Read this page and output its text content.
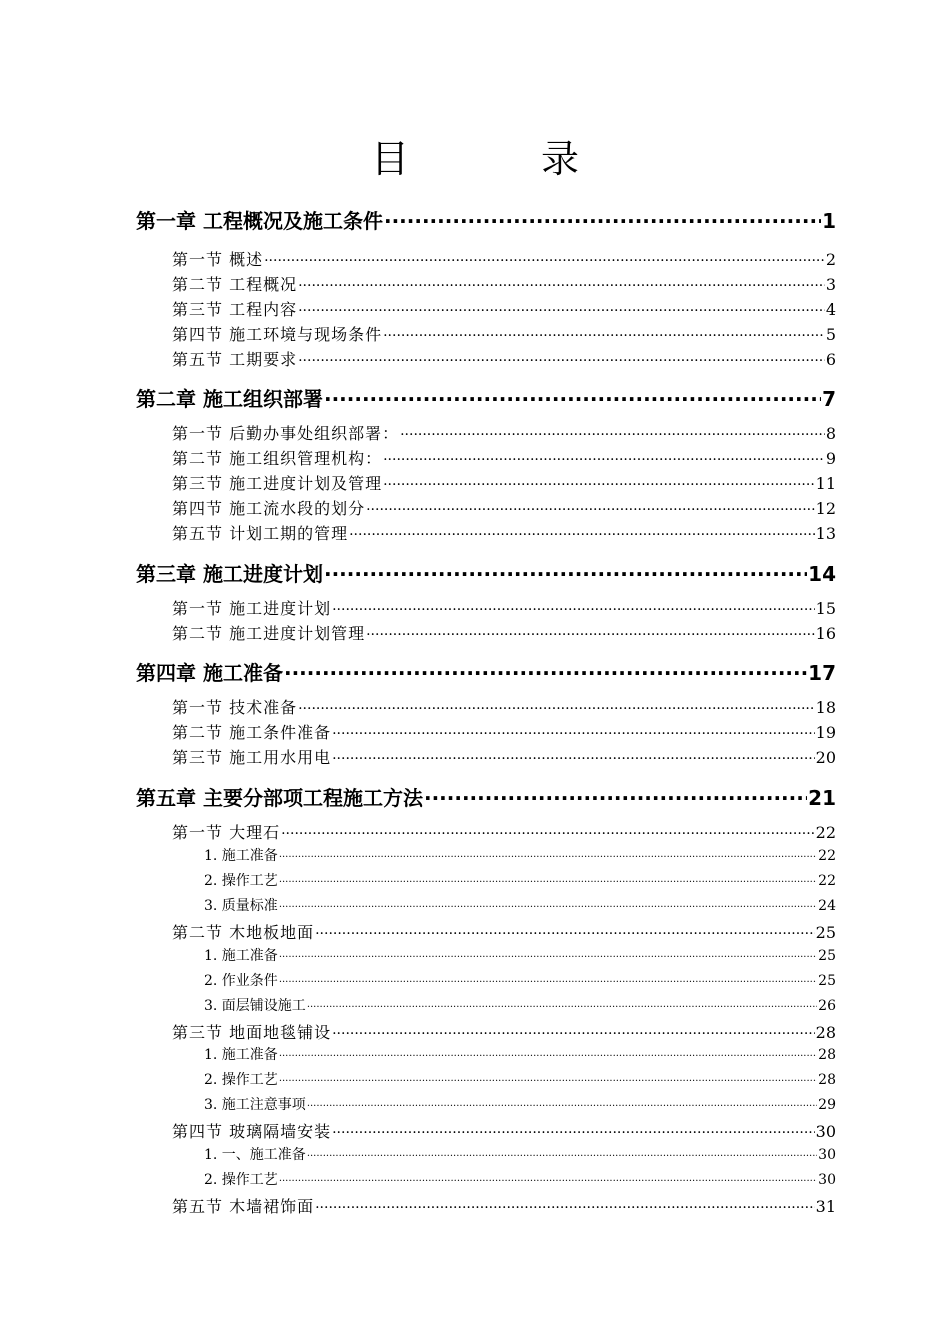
目 录
第一章 工程概况及施工条件 .....	1
第一节 概述 .....	2
第二节 工程概况 .....	3
第三节 工程内容 .....	4
第四节 施工环境与现场条件 .....	5
第五节 工期要求 .....	6
第二章 施工组织部署 .....	7
第一节 后勤办事处组织部署： .....	8
第二节 施工组织管理机构： .....	9
第三节 施工进度计划及管理 .....	11
第四节 施工流水段的划分 .....	12
第五节 计划工期的管理 .....	13
第三章 施工进度计划 .....	14
第一节 施工进度计划 .....	15
第二节 施工进度计划管理 .....	16
第四章 施工准备 .....	17
第一节 技术准备 .....	18
第二节 施工条件准备 .....	19
第三节 施工用水用电 .....	20
第五章 主要分部项工程施工方法 .....	21
第一节 大理石 .....	22
1. 施工准备 .....	22
2. 操作工艺 .....	22
3. 质量标准 .....	24
第二节 木地板地面 .....	25
1. 施工准备 .....	25
2. 作业条件 .....	25
3. 面层铺设施工 .....	26
第三节 地面地毯铺设 .....	28
1. 施工准备 .....	28
2. 操作工艺 .....	28
3. 施工注意事项 .....	29
第四节 玻璃隔墙安装 .....	30
1. 一、施工准备 .....	30
2. 操作工艺 .....	30
第五节 木墙裙饰面 .....	31
